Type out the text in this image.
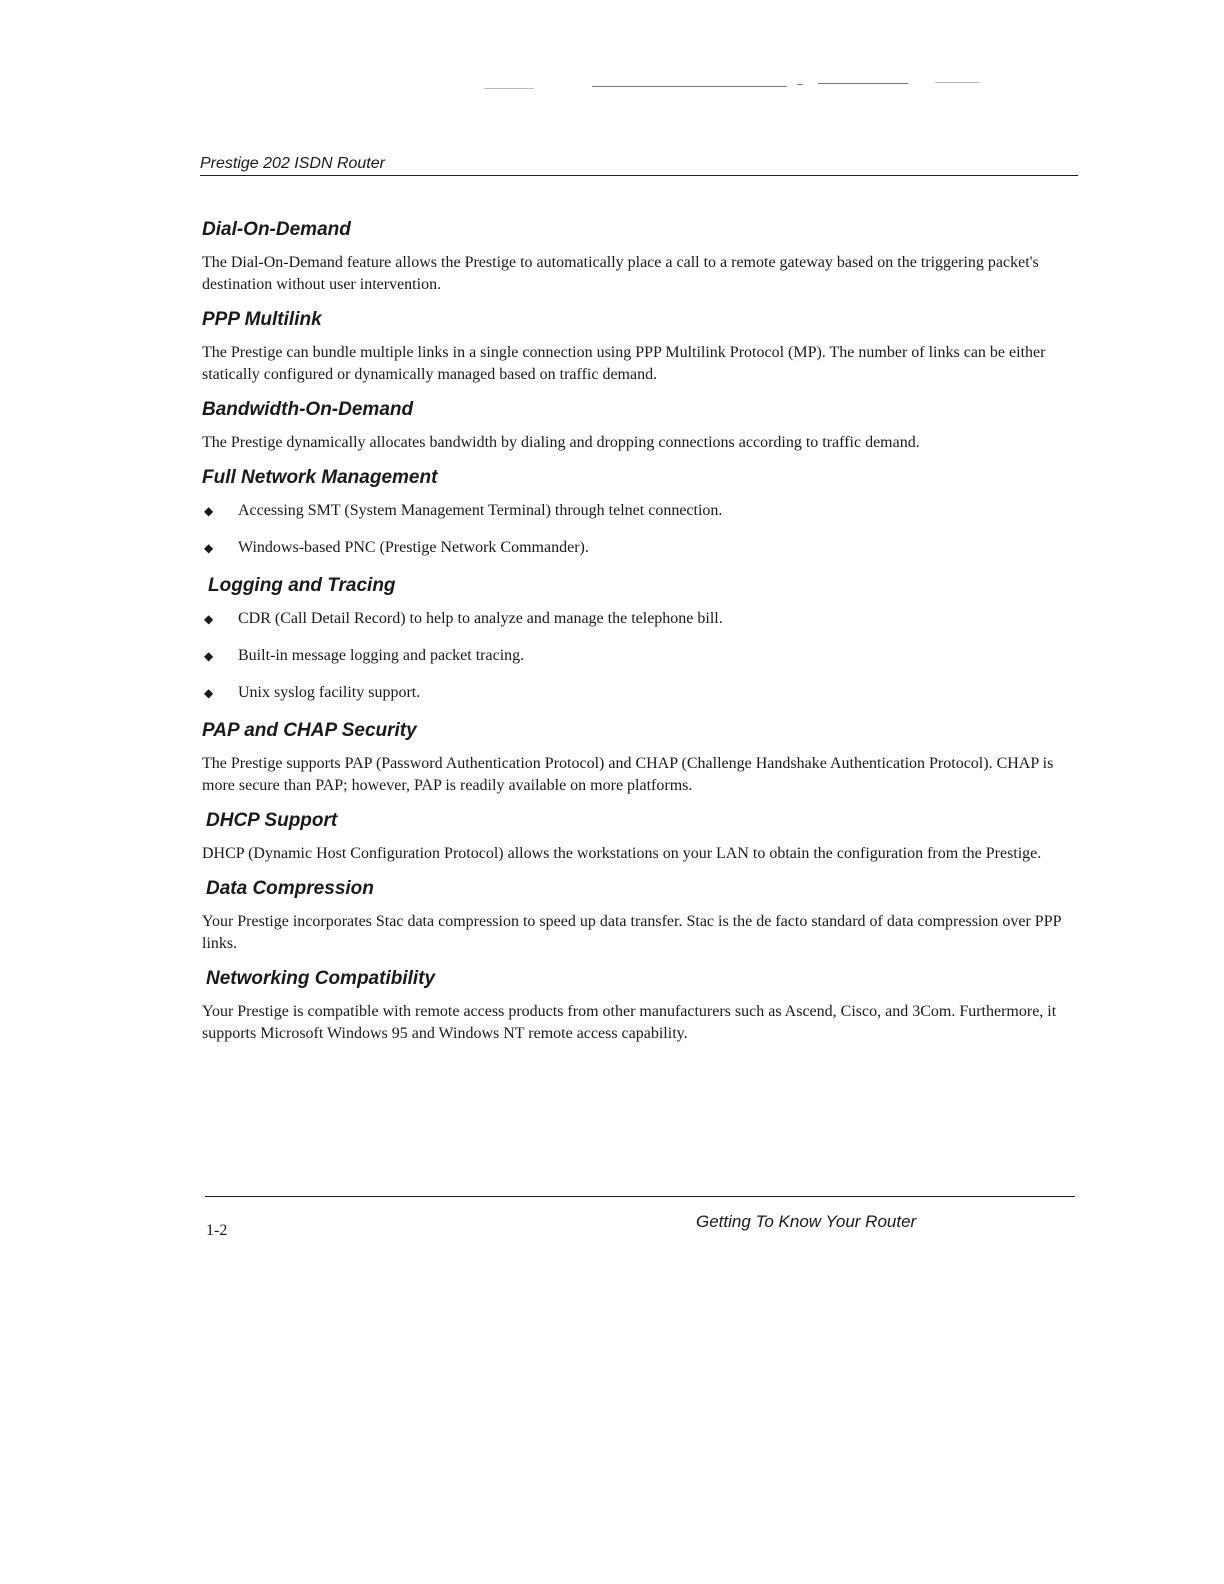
Prestige 202 ISDN Router
Dial-On-Demand

The Dial-On-Demand feature allows the Prestige to automatically place a call to a remote gateway based on the triggering packet's destination without user intervention.

PPP Multilink

The Prestige can bundle multiple links in a single connection using PPP Multilink Protocol (MP). The number of links can be either statically configured or dynamically managed based on traffic demand.

Bandwidth-On-Demand

The Prestige dynamically allocates bandwidth by dialing and dropping connections according to traffic demand.

Full Network Management
◆ Accessing SMT (System Management Terminal) through telnet connection.
◆ Windows-based PNC (Prestige Network Commander).
Logging and Tracing
◆ CDR (Call Detail Record) to help to analyze and manage the telephone bill.
◆ Built-in message logging and packet tracing.
◆ Unix syslog facility support.
PAP and CHAP Security

The Prestige supports PAP (Password Authentication Protocol) and CHAP (Challenge Handshake Authentication Protocol). CHAP is more secure than PAP; however, PAP is readily available on more platforms.

DHCP Support

DHCP (Dynamic Host Configuration Protocol) allows the workstations on your LAN to obtain the configuration from the Prestige.

Data Compression

Your Prestige incorporates Stac data compression to speed up data transfer. Stac is the de facto standard of data compression over PPP links.

Networking Compatibility

Your Prestige is compatible with remote access products from other manufacturers such as Ascend, Cisco, and 3Com. Furthermore, it supports Microsoft Windows 95 and Windows NT remote access capability.

1-2	Getting To Know Your Router
